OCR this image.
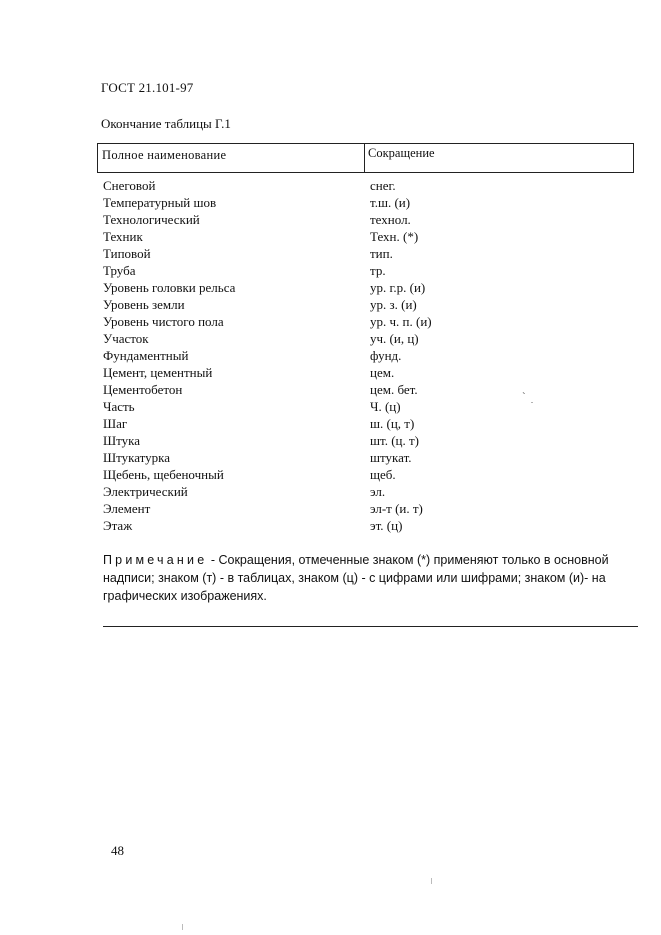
ГОСТ 21.101-97
Окончание таблицы Г.1
Полное наименование	Сокращение
Снеговой	снег.
Температурный шов	т.ш. (и)
Технологический	технол.
Техник	Техн. (*)
Типовой	тип.
Труба	тр.
Уровень головки рельса	ур. г.р. (и)
Уровень земли	ур. з. (и)
Уровень чистого пола	ур. ч. п. (и)
Участок	уч. (и, ц)
Фундаментный	фунд.
Цемент, цементный	цем.
Цементобетон	цем. бет.
Часть	Ч. (ц)
Шаг	ш. (ц, т)
Штука	шт. (ц. т)
Штукатурка	штукат.
Щебень, щебеночный	щеб.
Электрический	эл.
Элемент	эл-т (и. т)
Этаж	эт. (ц)
` .
Примечание - Сокращения, отмеченные знаком (*) применяют только в основной надписи; знаком (т) - в таблицах, знаком (ц) - с цифрами или шифрами; знаком (и)- на графических изображениях.
48
